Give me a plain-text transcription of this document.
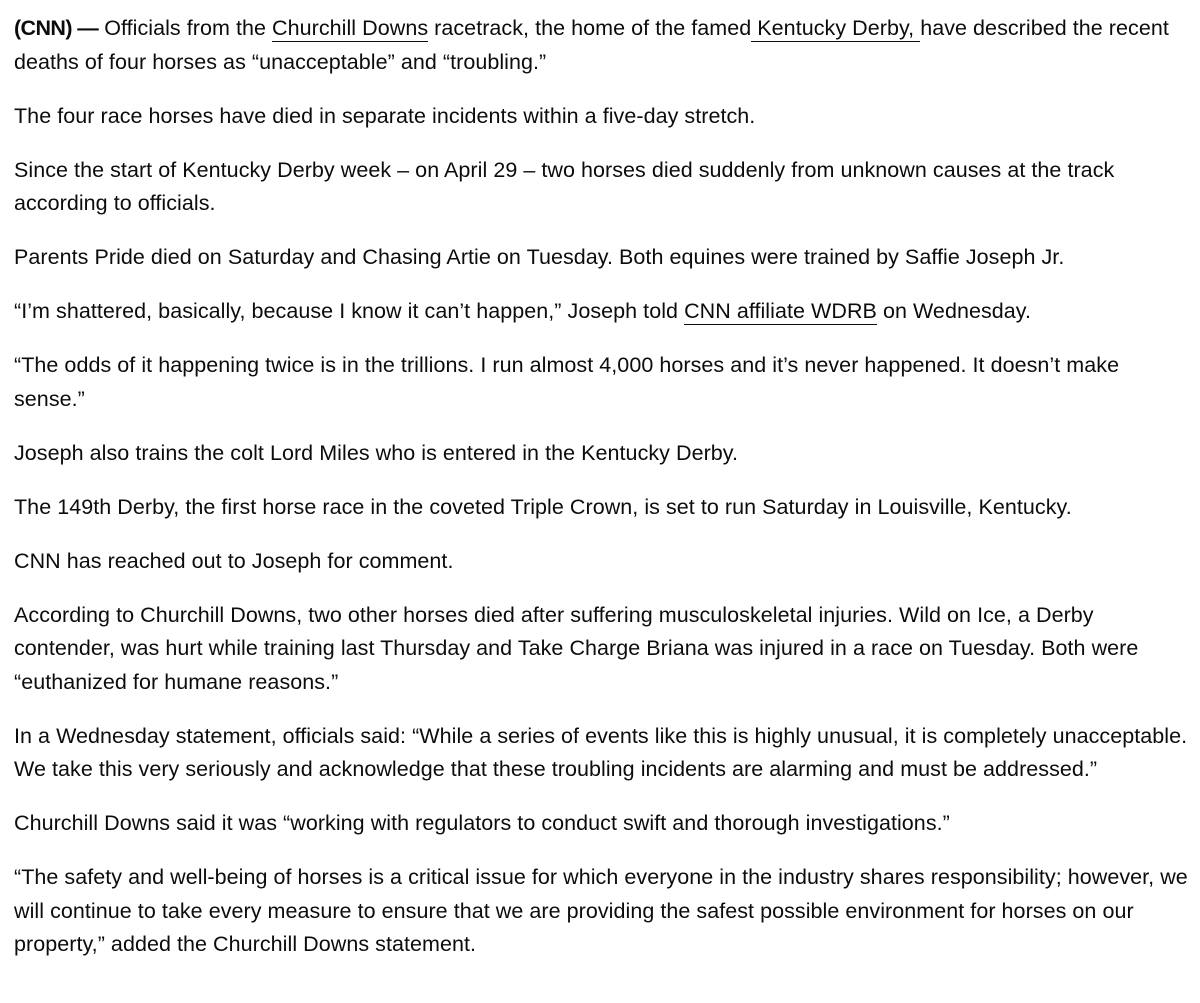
(CNN) — Officials from the Churchill Downs racetrack, the home of the famed Kentucky Derby, have described the recent deaths of four horses as “unacceptable” and “troubling.”

The four race horses have died in separate incidents within a five-day stretch.

Since the start of Kentucky Derby week – on April 29 – two horses died suddenly from unknown causes at the track according to officials.

Parents Pride died on Saturday and Chasing Artie on Tuesday. Both equines were trained by Saffie Joseph Jr.

“I’m shattered, basically, because I know it can’t happen,” Joseph told CNN affiliate WDRB on Wednesday.

“The odds of it happening twice is in the trillions. I run almost 4,000 horses and it’s never happened. It doesn’t make sense.”

Joseph also trains the colt Lord Miles who is entered in the Kentucky Derby.

The 149th Derby, the first horse race in the coveted Triple Crown, is set to run Saturday in Louisville, Kentucky.

CNN has reached out to Joseph for comment.

According to Churchill Downs, two other horses died after suffering musculoskeletal injuries. Wild on Ice, a Derby contender, was hurt while training last Thursday and Take Charge Briana was injured in a race on Tuesday. Both were “euthanized for humane reasons.”

In a Wednesday statement, officials said: “While a series of events like this is highly unusual, it is completely unacceptable. We take this very seriously and acknowledge that these troubling incidents are alarming and must be addressed.”

Churchill Downs said it was “working with regulators to conduct swift and thorough investigations.”

“The safety and well-being of horses is a critical issue for which everyone in the industry shares responsibility; however, we will continue to take every measure to ensure that we are providing the safest possible environment for horses on our property,” added the Churchill Downs statement.
